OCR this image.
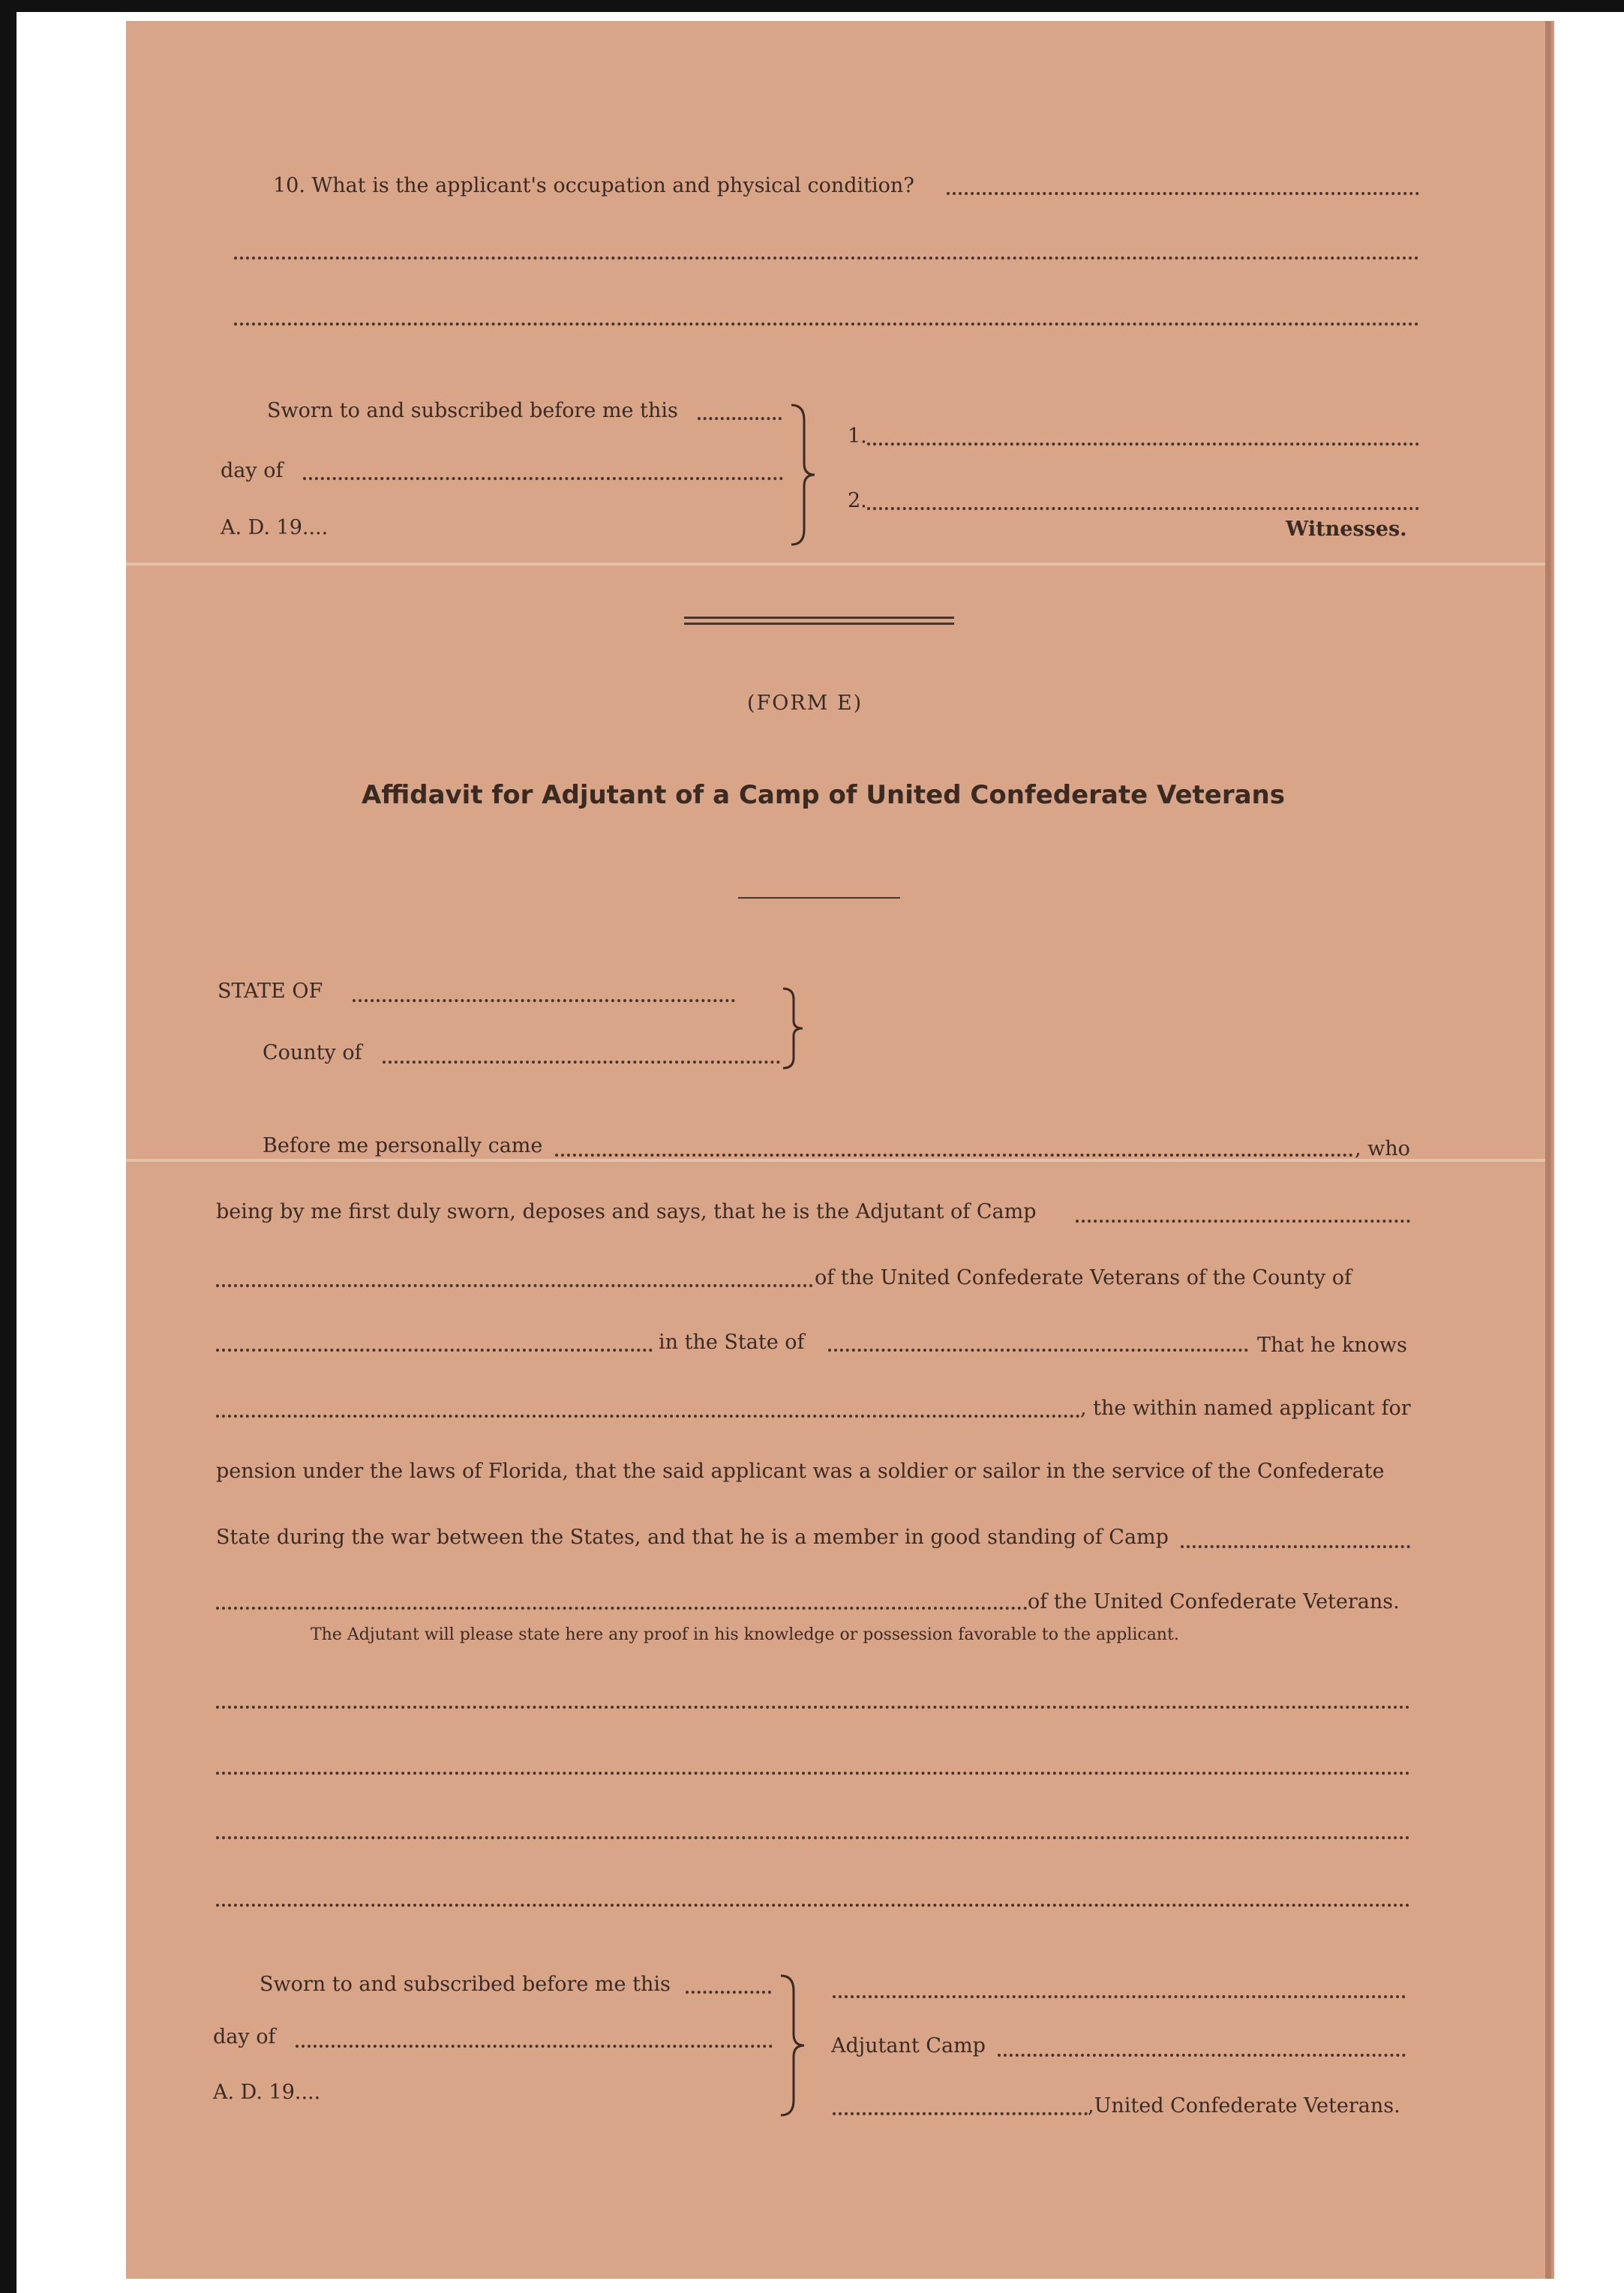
10. What is the applicant's occupation and physical condition?
Sworn to and subscribed before me this
day of
A. D. 19....
1.
2.
Witnesses.
(FORM E)
Affidavit for Adjutant of a Camp of United Confederate Veterans
STATE OF
County of
Before me personally came	, who
being by me first duly sworn, deposes and says, that he is the Adjutant of Camp
of the United Confederate Veterans of the County of
in the State of	That he knows
, the within named applicant for
pension under the laws of Florida, that the said applicant was a soldier or sailor in the service of the Confederate
State during the war between the States, and that he is a member in good standing of Camp
of the United Confederate Veterans.
The Adjutant will please state here any proof in his knowledge or possession favorable to the applicant.
Sworn to and subscribed before me this
day of
A. D. 19....
Adjutant Camp
,United Confederate Veterans.
